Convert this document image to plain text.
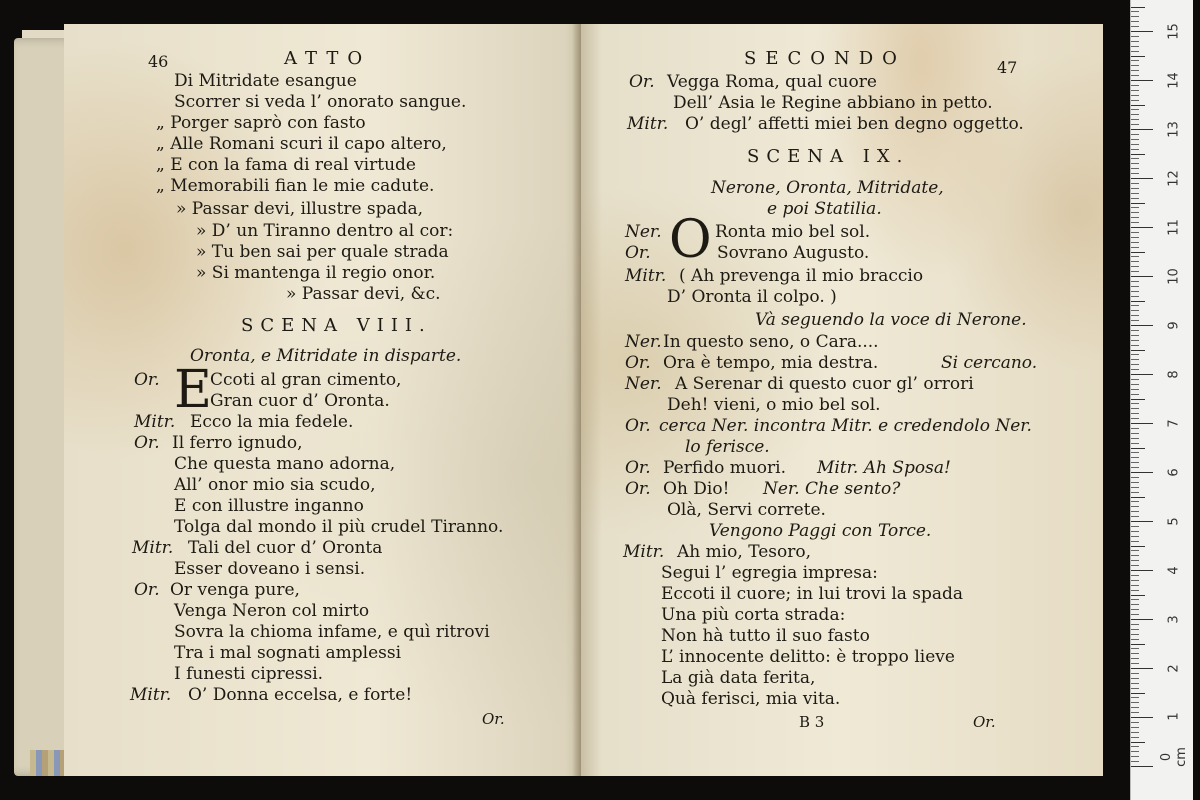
46	ATTO
Di Mitridate esangue
Scorrer si veda l’ onorato sangue.
„ Porger saprò con fasto
„ Alle Romani scuri il capo altero,
„ E con la fama di real virtude
„ Memorabili fian le mie cadute.
» Passar devi, illustre spada,
» D’ un Tiranno dentro al cor:
» Tu ben sai per quale strada
» Si mantenga il regio onor.
» Passar devi, &c.
SCENA VIII.
Oronta, e Mitridate in disparte.
E
Or.	Ccoti al gran cimento,
Gran cuor d’ Oronta.
Mitr. Ecco la mia fedele.
Or. Il ferro ignudo,
Che questa mano adorna,
All’ onor mio sia scudo,
E con illustre inganno
Tolga dal mondo il più crudel Tiranno.
Mitr. Tali del cuor d’ Oronta
Esser doveano i sensi.
Or. Or venga pure,
Venga Neron col mirto
Sovra la chioma infame, e quì ritrovi
Tra i mal sognati amplessi
I funesti cipressi.
Mitr. O’ Donna eccelsa, e forte!
Or.
SECONDO	47
Or. Vegga Roma, qual cuore
Dell’ Asia le Regine abbiano in petto.
Mitr. O’ degl’ affetti miei ben degno oggetto.
SCENA IX.
Nerone, Oronta, Mitridate,
e poi Statilia.
O
Ner.	Ronta mio bel sol.
Or.	Sovrano Augusto.
Mitr. ( Ah prevenga il mio braccio
D’ Oronta il colpo. )
Và seguendo la voce di Nerone.
Ner. In questo seno, o Cara....
Or. Ora è tempo, mia destra.	Si cercano.
Ner. A Serenar di questo cuor gl’ orrori
Deh! vieni, o mio bel sol.
Or. cerca Ner. incontra Mitr. e credendolo Ner.
lo ferisce.
Or. Perfido muori. Mitr. Ah Sposa!
Or. Oh Dio! Ner. Che sento?
Olà, Servi correte.
Vengono Paggi con Torce.
Mitr. Ah mio, Tesoro,
Segui l’ egregia impresa:
Eccoti il cuore; in lui trovi la spada
Una più corta strada:
Non hà tutto il suo fasto
L’ innocente delitto: è troppo lieve
La già data ferita,
Quà ferisci, mia vita.
B 3	Or.
0 cm
1
2
3
4
5
6
7
8
9
10
11
12
13
14
15
